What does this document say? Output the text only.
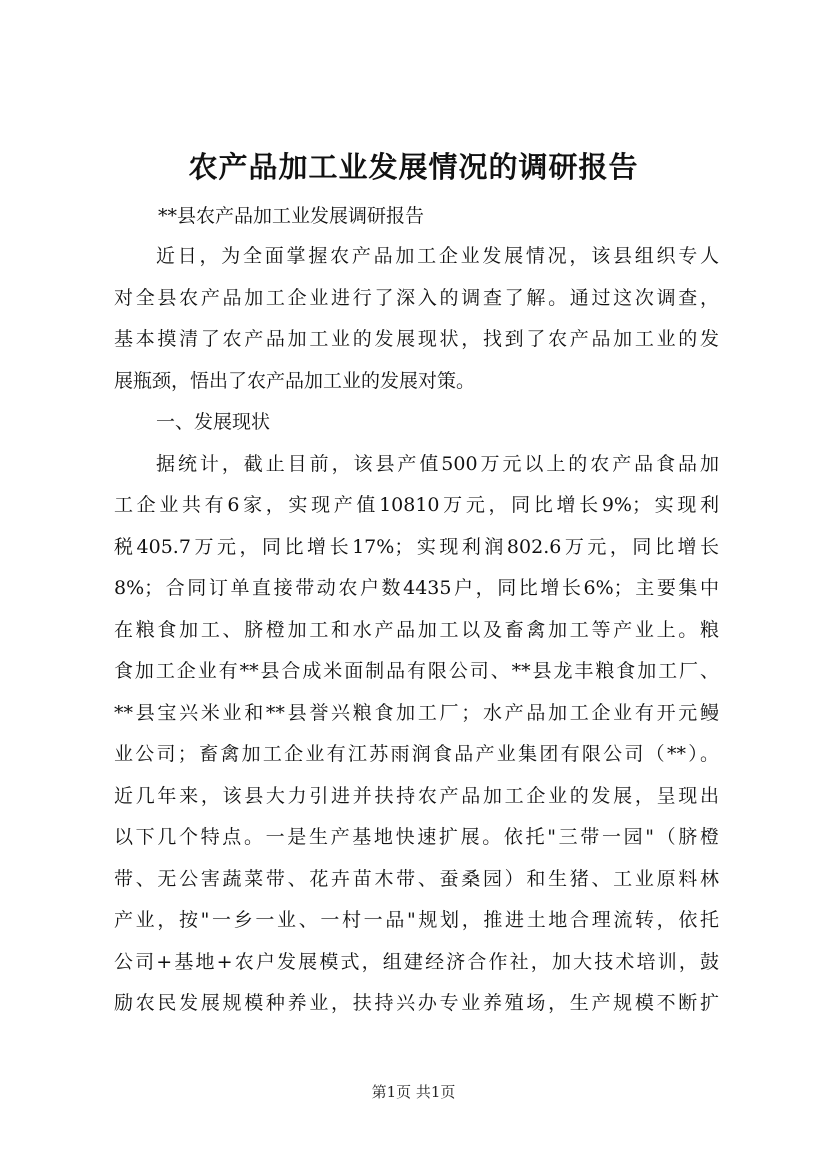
农产品加工业发展情况的调研报告

**县农产品加工业发展调研报告

近日，为全面掌握农产品加工企业发展情况，该县组织专人
对全县农产品加工企业进行了深入的调查了解。通过这次调查，
基本摸清了农产品加工业的发展现状，找到了农产品加工业的发
展瓶颈，悟出了农产品加工业的发展对策。
一、发展现状
据统计，截止目前，该县产值500万元以上的农产品食品加
工企业共有6家，实现产值10810万元，同比增长9%；实现利
税405.7万元，同比增长17%；实现利润802.6万元，同比增长
8%；合同订单直接带动农户数4435户，同比增长6%；主要集中
在粮食加工、脐橙加工和水产品加工以及畜禽加工等产业上。粮
食加工企业有**县合成米面制品有限公司、**县龙丰粮食加工厂、
**县宝兴米业和**县誉兴粮食加工厂；水产品加工企业有开元鳗
业公司；畜禽加工企业有江苏雨润食品产业集团有限公司（**）。
近几年来，该县大力引进并扶持农产品加工企业的发展，呈现出
以下几个特点。一是生产基地快速扩展。依托"三带一园"（脐橙
带、无公害蔬菜带、花卉苗木带、蚕桑园）和生猪、工业原料林
产业，按"一乡一业、一村一品"规划，推进土地合理流转，依托
公司+基地+农户发展模式，组建经济合作社，加大技术培训，鼓
励农民发展规模种养业，扶持兴办专业养殖场，生产规模不断扩
第1页 共1页
